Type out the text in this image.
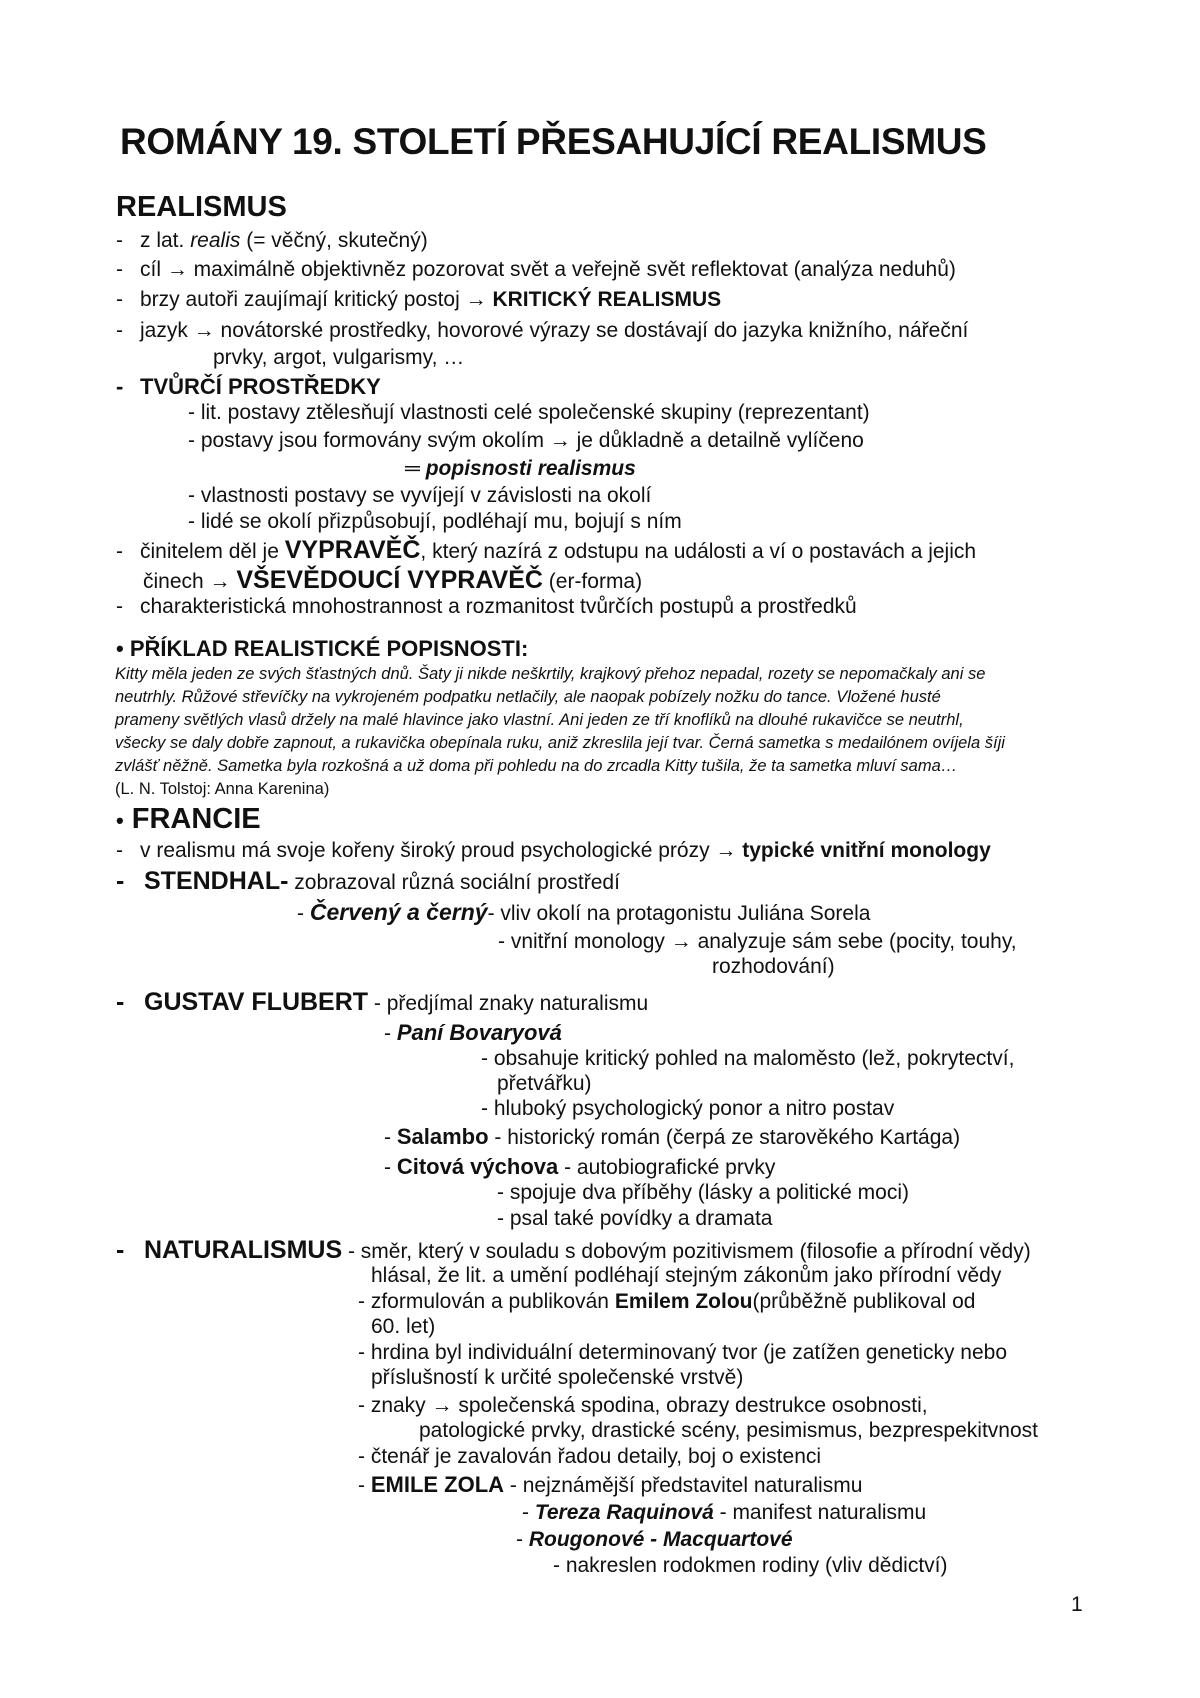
ROMÁNY 19. STOLETÍ PŘESAHUJÍCÍ REALISMUS
REALISMUS
- z lat. realis (= věčný, skutečný)
- cíl → maximálně objektivněz pozorovat svět a veřejně svět reflektovat (analýza neduhů)
- brzy autoři zaujímají kritický postoj → KRITICKÝ REALISMUS
- jazyk → novátorské prostředky, hovorové výrazy se dostávají do jazyka knižního, nářeční
prvky, argot, vulgarismy, …
- TVŮRČÍ PROSTŘEDKY
- lit. postavy ztělesňují vlastnosti celé společenské skupiny (reprezentant)
- postavy jsou formovány svým okolím → je důkladně a detailně vylíčeno
═ popisnosti realismus
- vlastnosti postavy se vyvíjejí v závislosti na okolí
- lidé se okolí přizpůsobují, podléhají mu, bojují s ním
- činitelem děl je VYPRAVĚČ, který nazírá z odstupu na události a ví o postavách a jejich
činech → VŠEVĚDOUCÍ VYPRAVĚČ (er-forma)
- charakteristická mnohostrannost a rozmanitost tvůrčích postupů a prostředků
• PŘÍKLAD REALISTICKÉ POPISNOSTI:
Kitty měla jeden ze svých šťastných dnů. Šaty ji nikde neškrtily, krajkový přehoz nepadal, rozety se nepomačkaly ani se
neutrhly. Růžové střevíčky na vykrojeném podpatku netlačily, ale naopak pobízely nožku do tance. Vložené husté
prameny světlých vlasů držely na malé hlavince jako vlastní. Ani jeden ze tří knoflíků na dlouhé rukavičce se neutrhl,
všecky se daly dobře zapnout, a rukavička obepínala ruku, aniž zkreslila její tvar. Černá sametka s medailónem ovíjela šíji
zvlášť něžně. Sametka byla rozkošná a už doma při pohledu na do zrcadla Kitty tušila, že ta sametka mluví sama…
(L. N. Tolstoj: Anna Karenina)
• FRANCIE
- v realismu má svoje kořeny široký proud psychologické prózy → typické vnitřní monology
- STENDHAL- zobrazoval různá sociální prostředí
- Červený a černý- vliv okolí na protagonistu Juliána Sorela
- vnitřní monology → analyzuje sám sebe (pocity, touhy,
rozhodování)
- GUSTAV FLUBERT - předjímal znaky naturalismu
- Paní Bovaryová
- obsahuje kritický pohled na maloměsto (lež, pokrytectví,
přetvářku)
- hluboký psychologický ponor a nitro postav
- Salambo - historický román (čerpá ze starověkého Kartága)
- Citová výchova - autobiografické prvky
- spojuje dva příběhy (lásky a politické moci)
- psal také povídky a dramata
- NATURALISMUS - směr, který v souladu s dobovým pozitivismem (filosofie a přírodní vědy)
hlásal, že lit. a umění podléhají stejným zákonům jako přírodní vědy
- zformulován a publikován Emilem Zolou(průběžně publikoval od
60. let)
- hrdina byl individuální determinovaný tvor (je zatížen geneticky nebo
příslušností k určité společenské vrstvě)
- znaky → společenská spodina, obrazy destrukce osobnosti,
patologické prvky, drastické scény, pesimismus, bezprespekitvnost
- čtenář je zavalován řadou detaily, boj o existenci
- EMILE ZOLA - nejznámější představitel naturalismu
- Tereza Raquinová - manifest naturalismu
- Rougonové - Macquartové
- nakreslen rodokmen rodiny (vliv dědictví)
1
